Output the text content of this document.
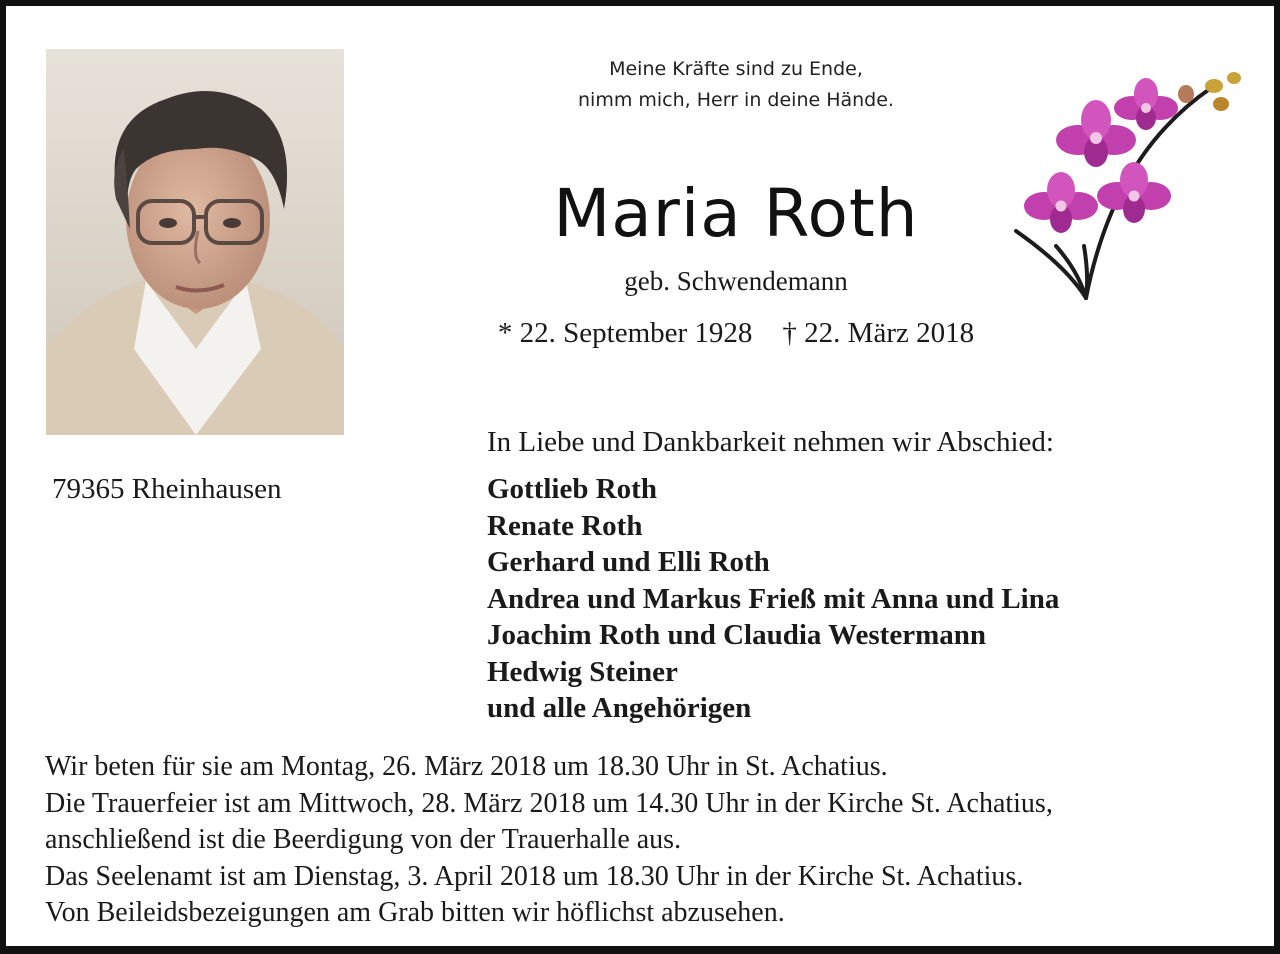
Meine Kräfte sind zu Ende,
nimm mich, Herr in deine Hände.
Maria Roth
geb. Schwendemann
* 22. September 1928 † 22. März 2018
79365 Rheinhausen
In Liebe und Dankbarkeit nehmen wir Abschied:
Gottlieb Roth
Renate Roth
Gerhard und Elli Roth
Andrea und Markus Frieß mit Anna und Lina
Joachim Roth und Claudia Westermann
Hedwig Steiner
und alle Angehörigen
Wir beten für sie am Montag, 26. März 2018 um 18.30 Uhr in St. Achatius.
Die Trauerfeier ist am Mittwoch, 28. März 2018 um 14.30 Uhr in der Kirche St. Achatius,
anschließend ist die Beerdigung von der Trauerhalle aus.
Das Seelenamt ist am Dienstag, 3. April 2018 um 18.30 Uhr in der Kirche St. Achatius.
Von Beileidsbezeigungen am Grab bitten wir höflichst abzusehen.
